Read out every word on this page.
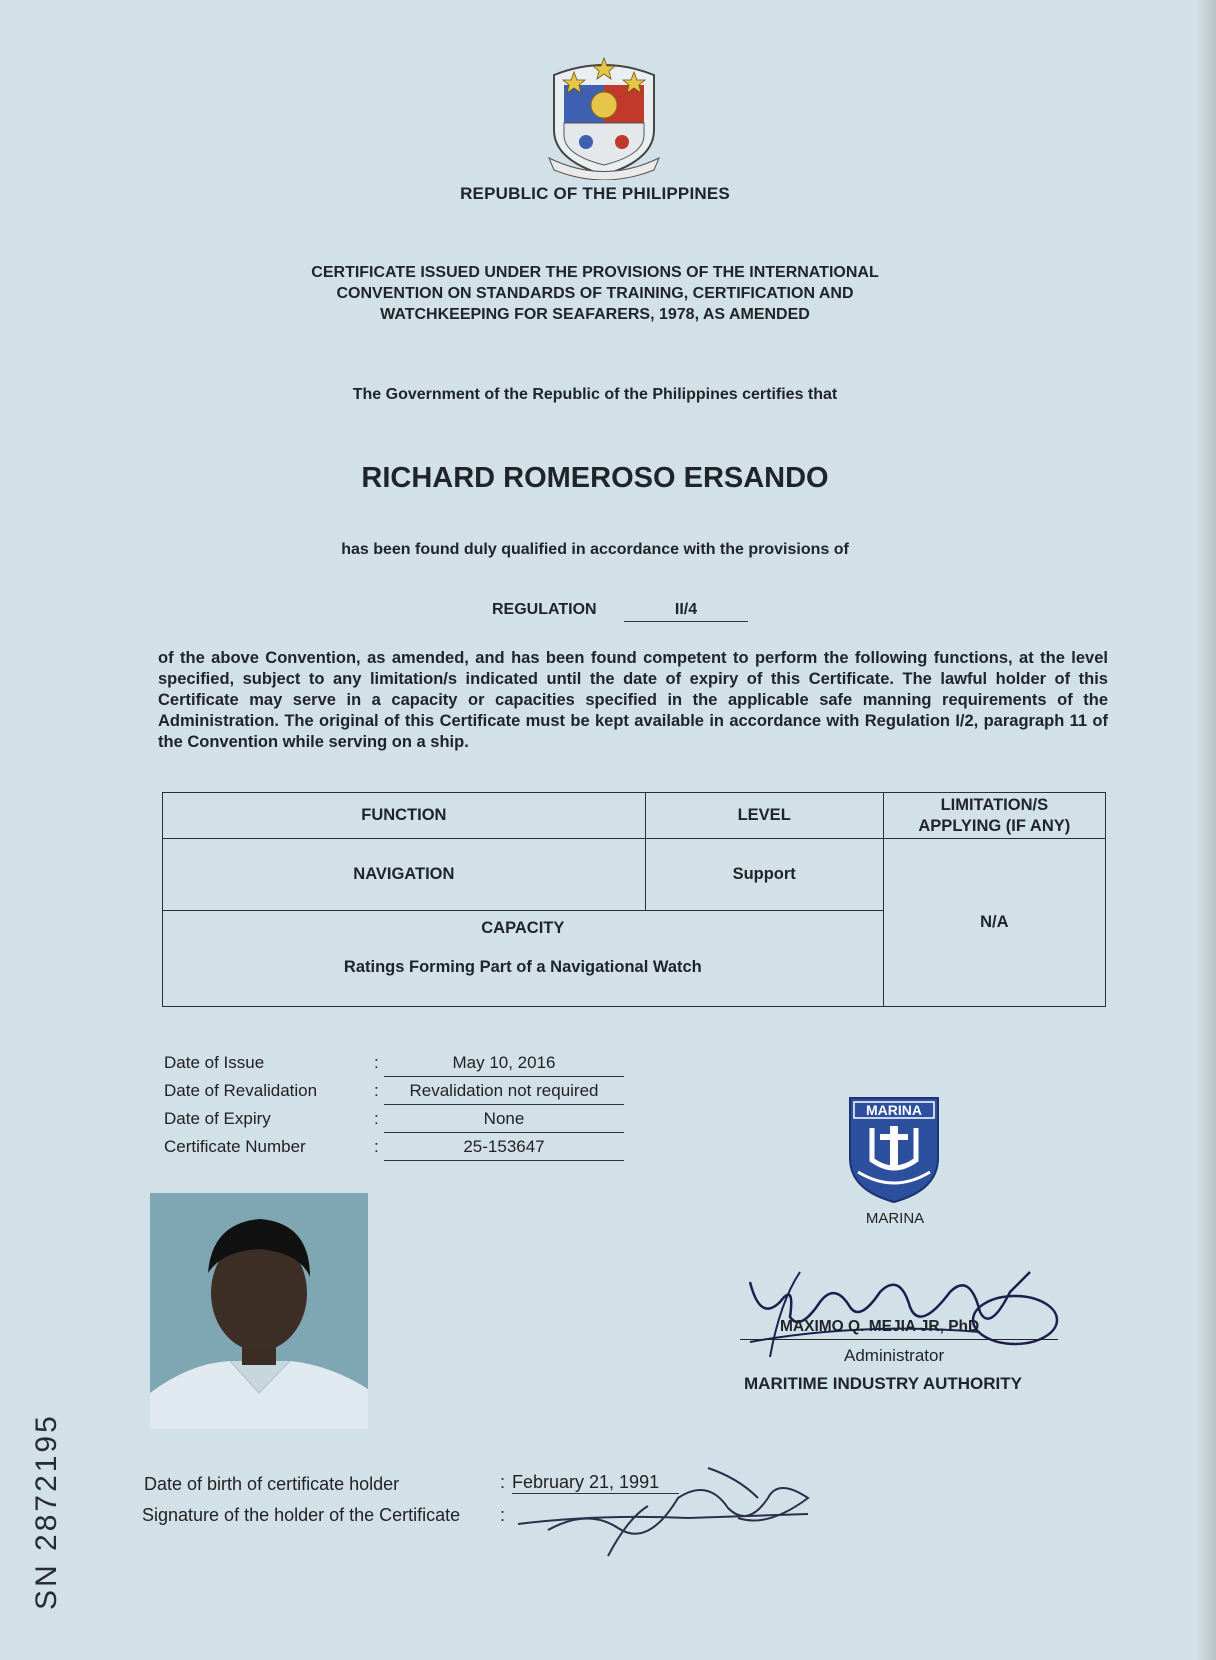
REPUBLIC OF THE PHILIPPINES
CERTIFICATE ISSUED UNDER THE PROVISIONS OF THE INTERNATIONAL
CONVENTION ON STANDARDS OF TRAINING, CERTIFICATION AND
WATCHKEEPING FOR SEAFARERS, 1978, AS AMENDED
The Government of the Republic of the Philippines certifies that
RICHARD ROMEROSO ERSANDO
has been found duly qualified in accordance with the provisions of
REGULATION	II/4
of the above Convention, as amended, and has been found competent to perform the following functions, at the level specified, subject to any limitation/s indicated until the date of expiry of this Certificate. The lawful holder of this Certificate may serve in a capacity or capacities specified in the applicable safe manning requirements of the Administration. The original of this Certificate must be kept available in accordance with Regulation I/2, paragraph 11 of the Convention while serving on a ship.
FUNCTION	LEVEL	LIMITATION/S
APPLYING (IF ANY)
NAVIGATION	Support	N/A

CAPACITY
Ratings Forming Part of a Navigational Watch		
Date of Issue	:	May 10, 2016
Date of Revalidation	:	Revalidation not required
Date of Expiry	:	None
Certificate Number	:	25-153647
MARINA
MARINA
MAXIMO Q. MEJIA JR, PhD
Administrator
MARITIME INDUSTRY AUTHORITY
Date of birth of certificate holder	: February 21, 1991
Signature of the holder of the Certificate :
SN 2872195
